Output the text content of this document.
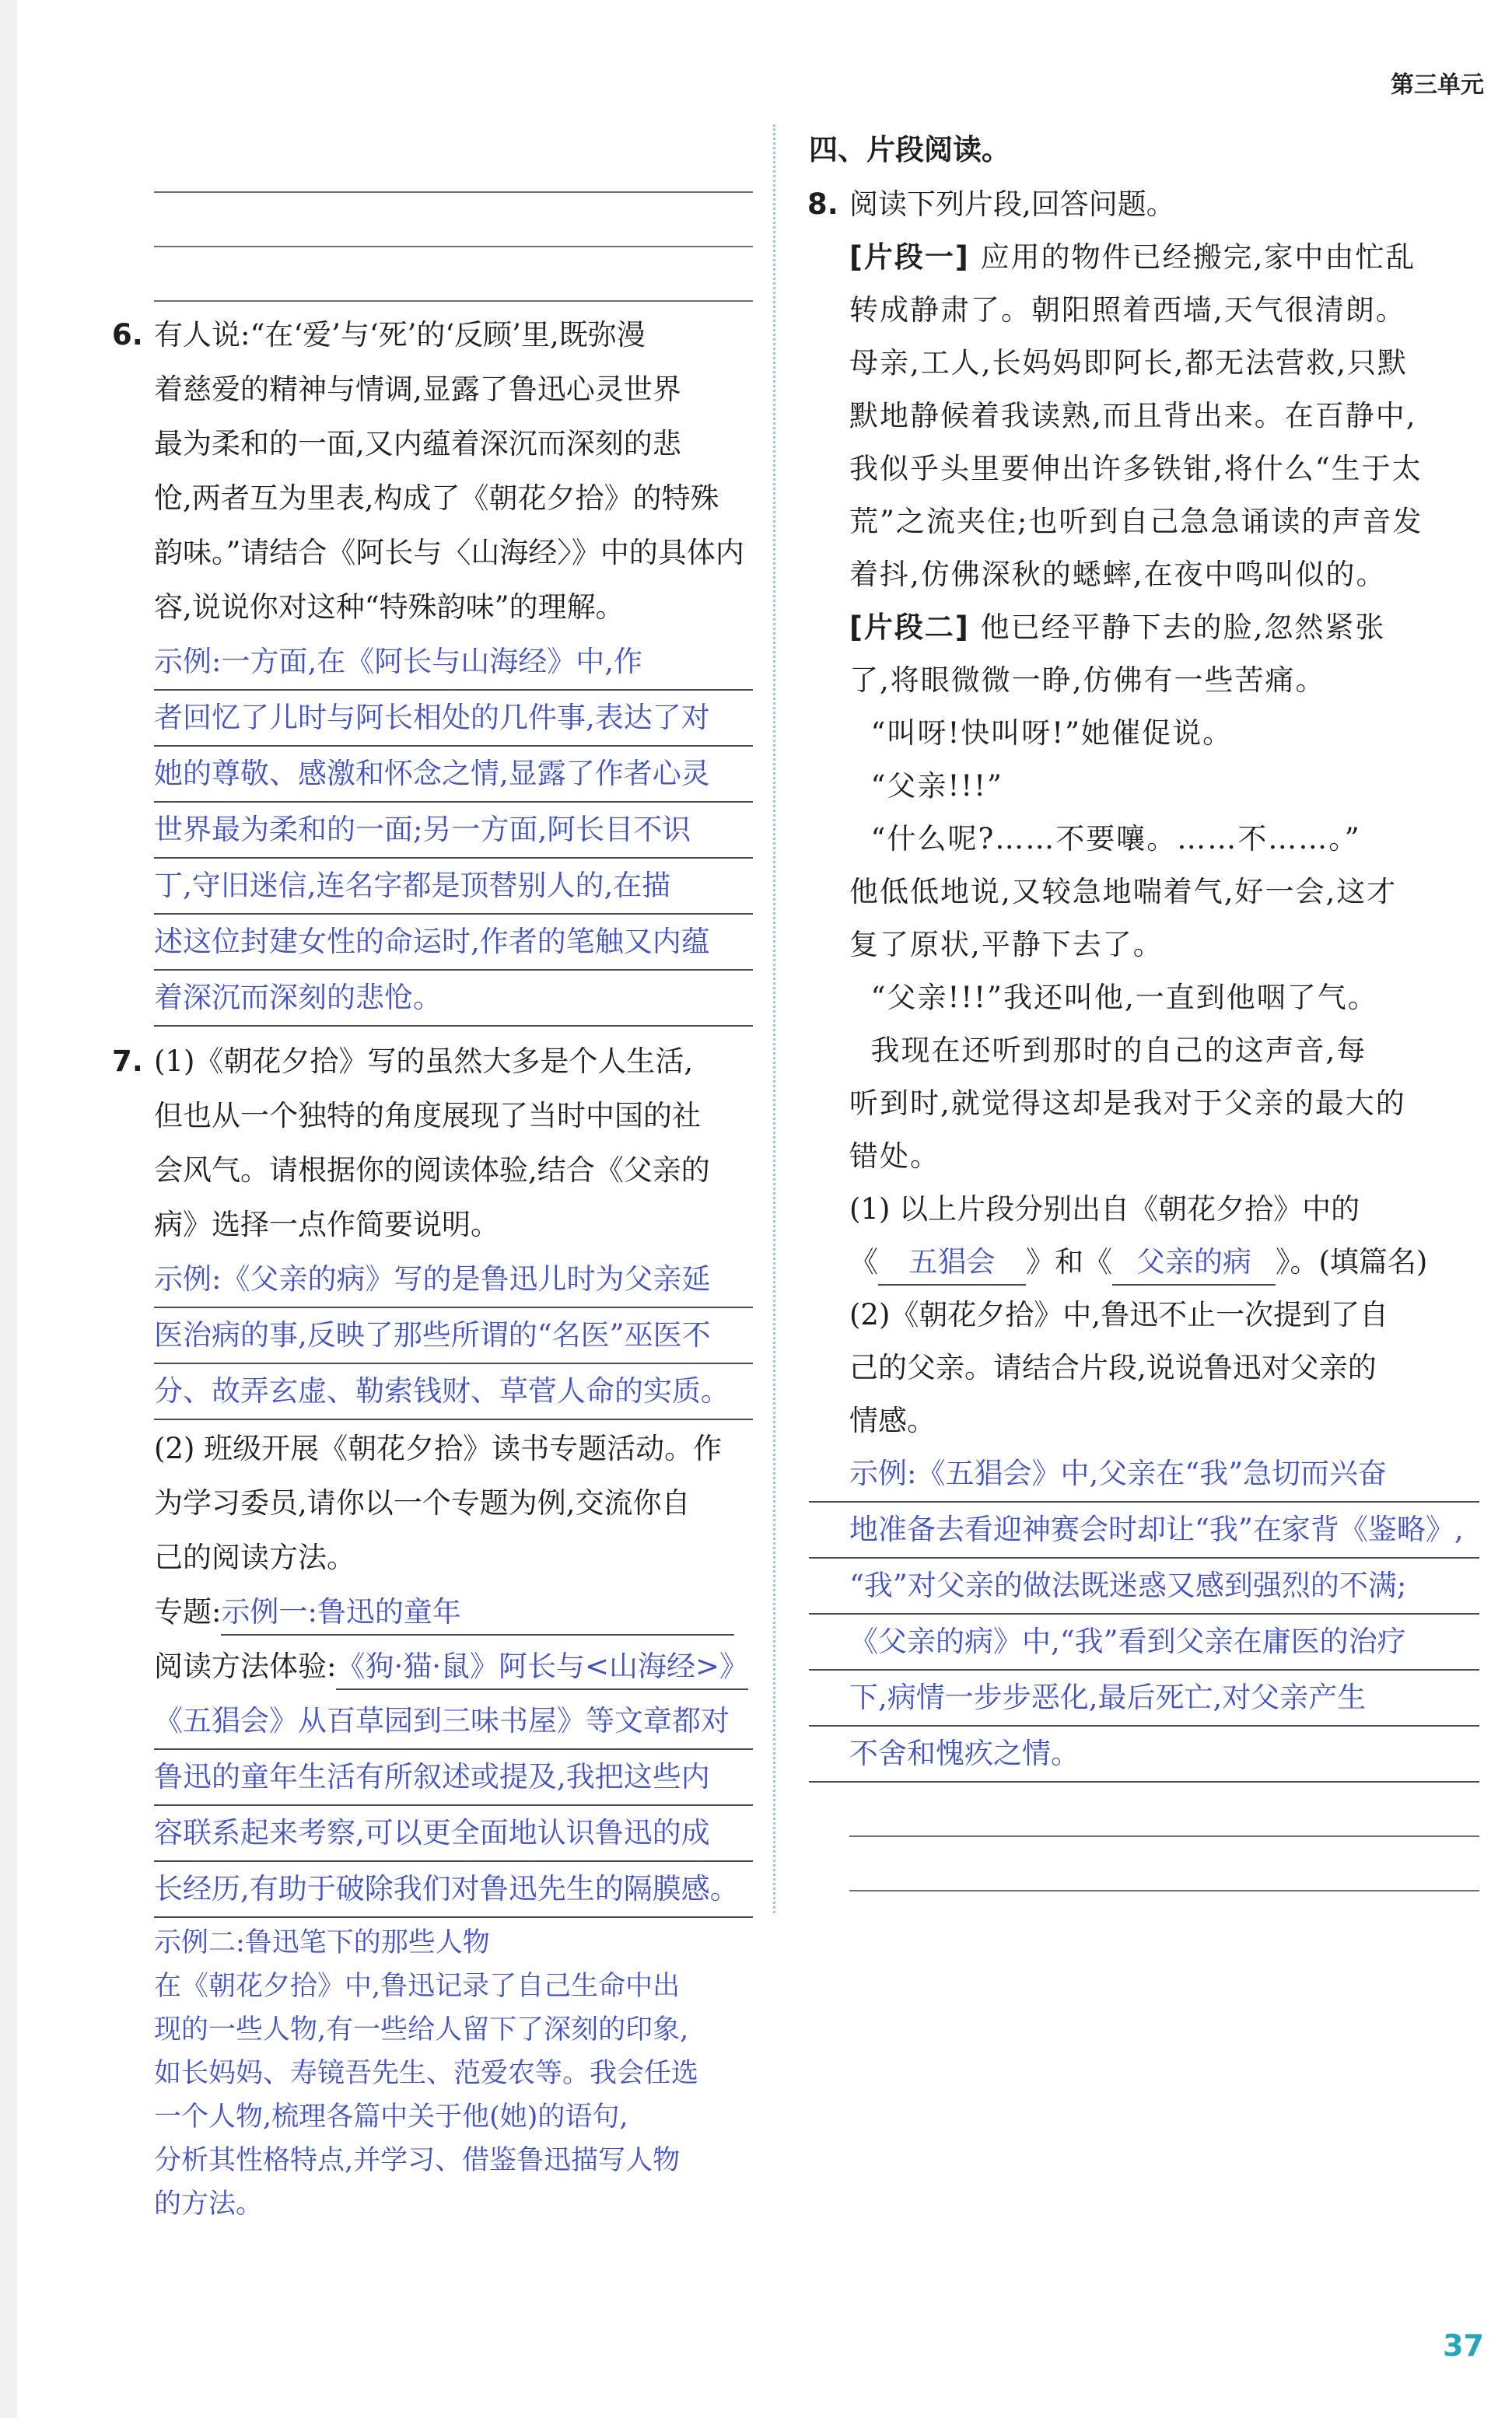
第三单元
37
6. 有人说:“在‘爱’与‘死’的‘反顾’里,既弥漫
着慈爱的精神与情调,显露了鲁迅心灵世界
最为柔和的一面,又内蕴着深沉而深刻的悲
怆,两者互为里表,构成了《朝花夕拾》的特殊
韵味。”请结合《阿长与〈山海经〉》中的具体内
容,说说你对这种“特殊韵味”的理解。
示例:一方面,在《阿长与山海经》中,作
者回忆了儿时与阿长相处的几件事,表达了对
她的尊敬、感激和怀念之情,显露了作者心灵
世界最为柔和的一面;另一方面,阿长目不识
丁,守旧迷信,连名字都是顶替别人的,在描
述这位封建女性的命运时,作者的笔触又内蕴
着深沉而深刻的悲怆。
7. (1)《朝花夕拾》写的虽然大多是个人生活,
但也从一个独特的角度展现了当时中国的社
会风气。请根据你的阅读体验,结合《父亲的
病》选择一点作简要说明。
示例:《父亲的病》写的是鲁迅儿时为父亲延
医治病的事,反映了那些所谓的“名医”巫医不
分、故弄玄虚、勒索钱财、草菅人命的实质。
(2) 班级开展《朝花夕拾》读书专题活动。作
为学习委员,请你以一个专题为例,交流你自
己的阅读方法。
专题:示例一:鲁迅的童年
阅读方法体验:《狗·猫·鼠》阿长与<山海经>》
《五猖会》从百草园到三味书屋》等文章都对
鲁迅的童年生活有所叙述或提及,我把这些内
容联系起来考察,可以更全面地认识鲁迅的成
长经历,有助于破除我们对鲁迅先生的隔膜感。
示例二:鲁迅笔下的那些人物
在《朝花夕拾》中,鲁迅记录了自己生命中出
现的一些人物,有一些给人留下了深刻的印象,
如长妈妈、寿镜吾先生、范爱农等。我会任选
一个人物,梳理各篇中关于他(她)的语句,
分析其性格特点,并学习、借鉴鲁迅描写人物
的方法。
四、片段阅读。
8. 阅读下列片段,回答问题。
[片段一] 应用的物件已经搬完,家中由忙乱
转成静肃了。朝阳照着西墙,天气很清朗。
母亲,工人,长妈妈即阿长,都无法营救,只默
默地静候着我读熟,而且背出来。在百静中,
我似乎头里要伸出许多铁钳,将什么“生于太
荒”之流夹住;也听到自己急急诵读的声音发
着抖,仿佛深秋的蟋蟀,在夜中鸣叫似的。
[片段二] 他已经平静下去的脸,忽然紧张
了,将眼微微一睁,仿佛有一些苦痛。
“叫呀!快叫呀!”她催促说。
“父亲!!!”
“什么呢?……不要嚷。……不……。”
他低低地说,又较急地喘着气,好一会,这才
复了原状,平静下去了。
“父亲!!!”我还叫他,一直到他咽了气。
我现在还听到那时的自己的这声音,每
听到时,就觉得这却是我对于父亲的最大的
错处。
(1) 以上片段分别出自《朝花夕拾》中的
《 五猖会 》和《 父亲的病 》。(填篇名)
(2)《朝花夕拾》中,鲁迅不止一次提到了自
己的父亲。请结合片段,说说鲁迅对父亲的
情感。
示例:《五猖会》中,父亲在“我”急切而兴奋
地准备去看迎神赛会时却让“我”在家背《鉴略》,
“我”对父亲的做法既迷惑又感到强烈的不满;
《父亲的病》中,“我”看到父亲在庸医的治疗
下,病情一步步恶化,最后死亡,对父亲产生
不舍和愧疚之情。
